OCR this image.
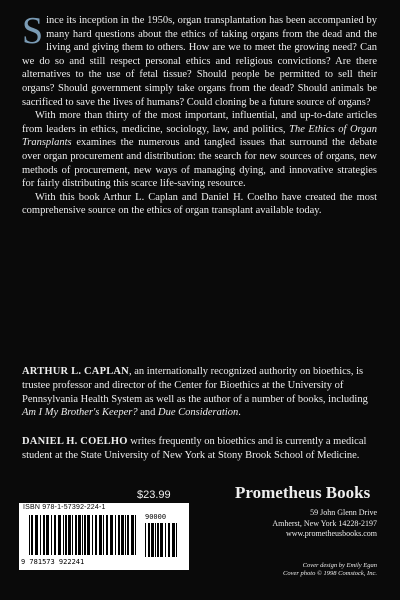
Since its inception in the 1950s, organ transplantation has been accompanied by many hard questions about the ethics of taking organs from the dead and the living and giving them to others. How are we to meet the growing need? Can we do so and still respect personal ethics and religious convictions? Are there alternatives to the use of fetal tissue? Should people be permitted to sell their organs? Should government simply take organs from the dead? Should animals be sacrificed to save the lives of humans? Could cloning be a future source of organs?

With more than thirty of the most important, influential, and up-to-date articles from leaders in ethics, medicine, sociology, law, and politics, The Ethics of Organ Transplants examines the numerous and tangled issues that surround the debate over organ procurement and distribution: the search for new sources of organs, new methods of procurement, new ways of managing dying, and innovative strategies for fairly distributing this scarce life-saving resource.

With this book Arthur L. Caplan and Daniel H. Coelho have created the most comprehensive source on the ethics of organ transplant available today.

ARTHUR L. CAPLAN, an internationally recognized authority on bioethics, is trustee professor and director of the Center for Bioethics at the University of Pennsylvania Health System as well as the author of a number of books, including Am I My Brother's Keeper? and Due Consideration.
DANIEL H. COELHO writes frequently on bioethics and is currently a medical student at the State University of New York at Stony Brook School of Medicine.
$23.99
ISBN 978-1-57392-224-1
9 781573 922241
90000
Prometheus Books
59 John Glenn Drive
Amherst, New York 14228-2197
www.prometheusbooks.com
Cover design by Emily Egan
Cover photo © 1998 Comstock, Inc.
